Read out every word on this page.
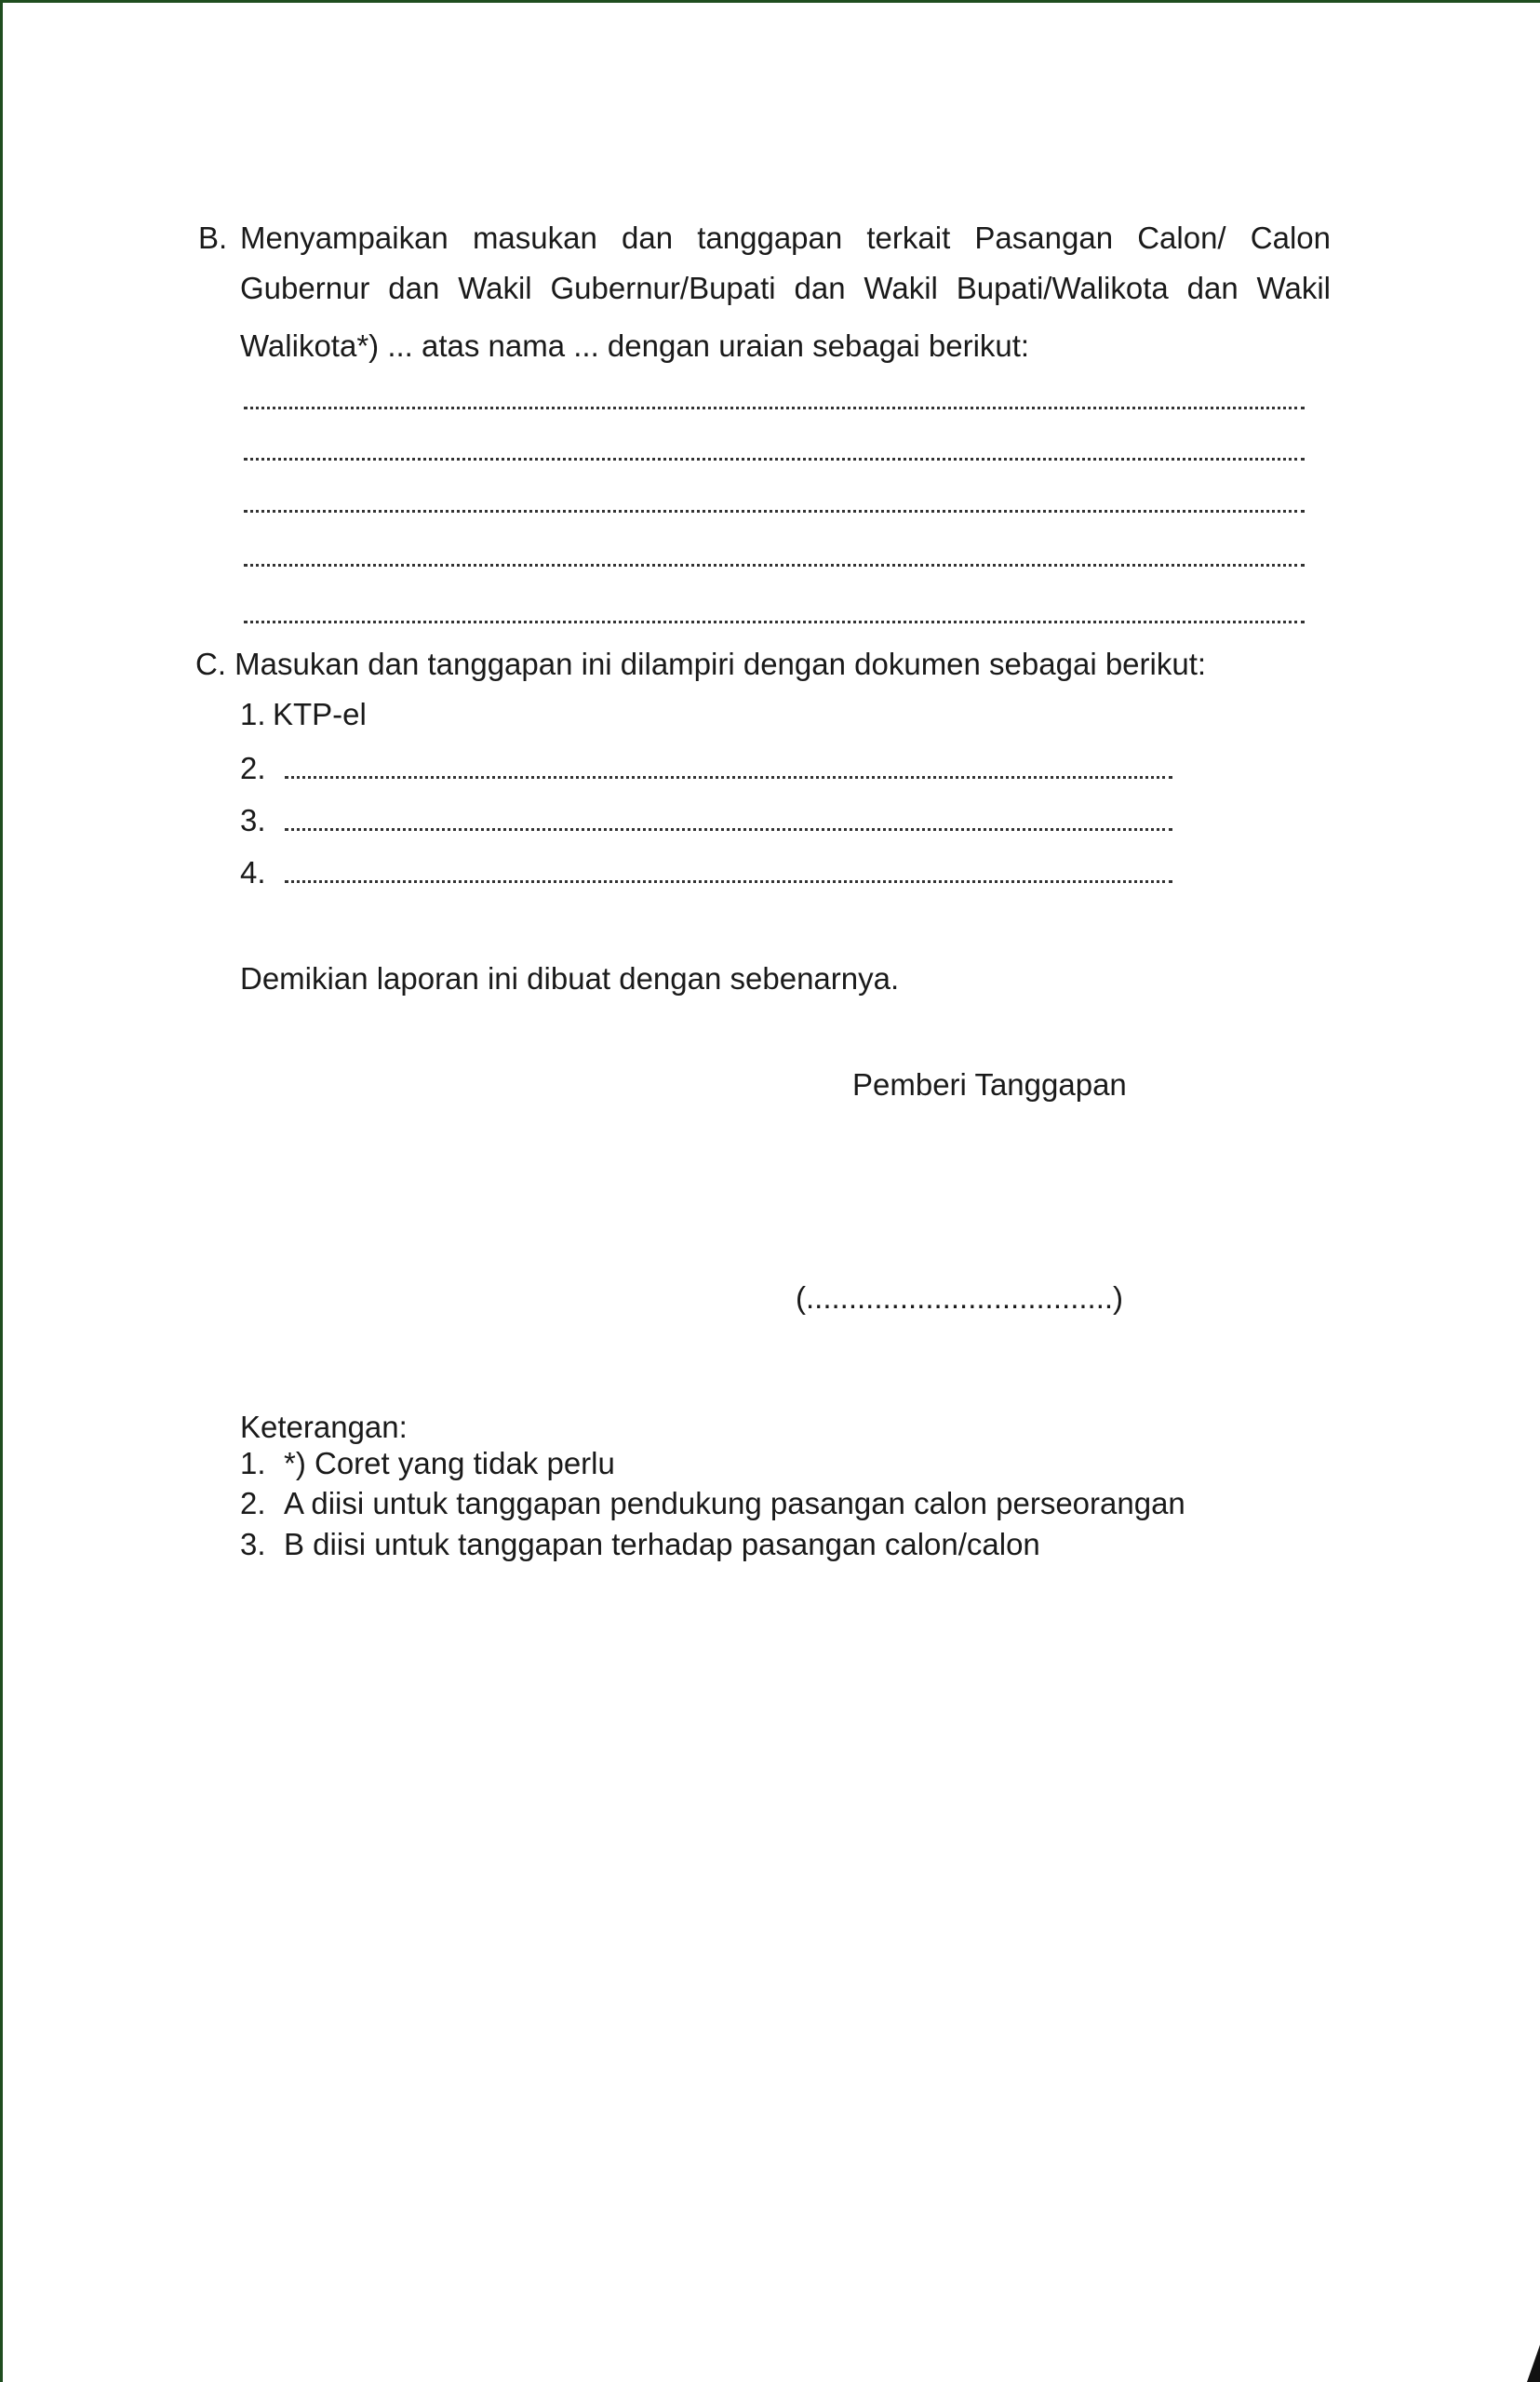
B. Menyampaikan masukan dan tanggapan terkait Pasangan Calon/ Calon
Gubernur dan Wakil Gubernur/Bupati dan Wakil Bupati/Walikota dan Wakil
Walikota*) ... atas nama ... dengan uraian sebagai berikut:
C. Masukan dan tanggapan ini dilampiri dengan dokumen sebagai berikut:
1. KTP-el
2.
3.
4.
Demikian laporan ini dibuat dengan sebenarnya.
Pemberi Tanggapan
(....................................)
Keterangan:
1. *) Coret yang tidak perlu
2. A diisi untuk tanggapan pendukung pasangan calon perseorangan
3. B diisi untuk tanggapan terhadap pasangan calon/calon
